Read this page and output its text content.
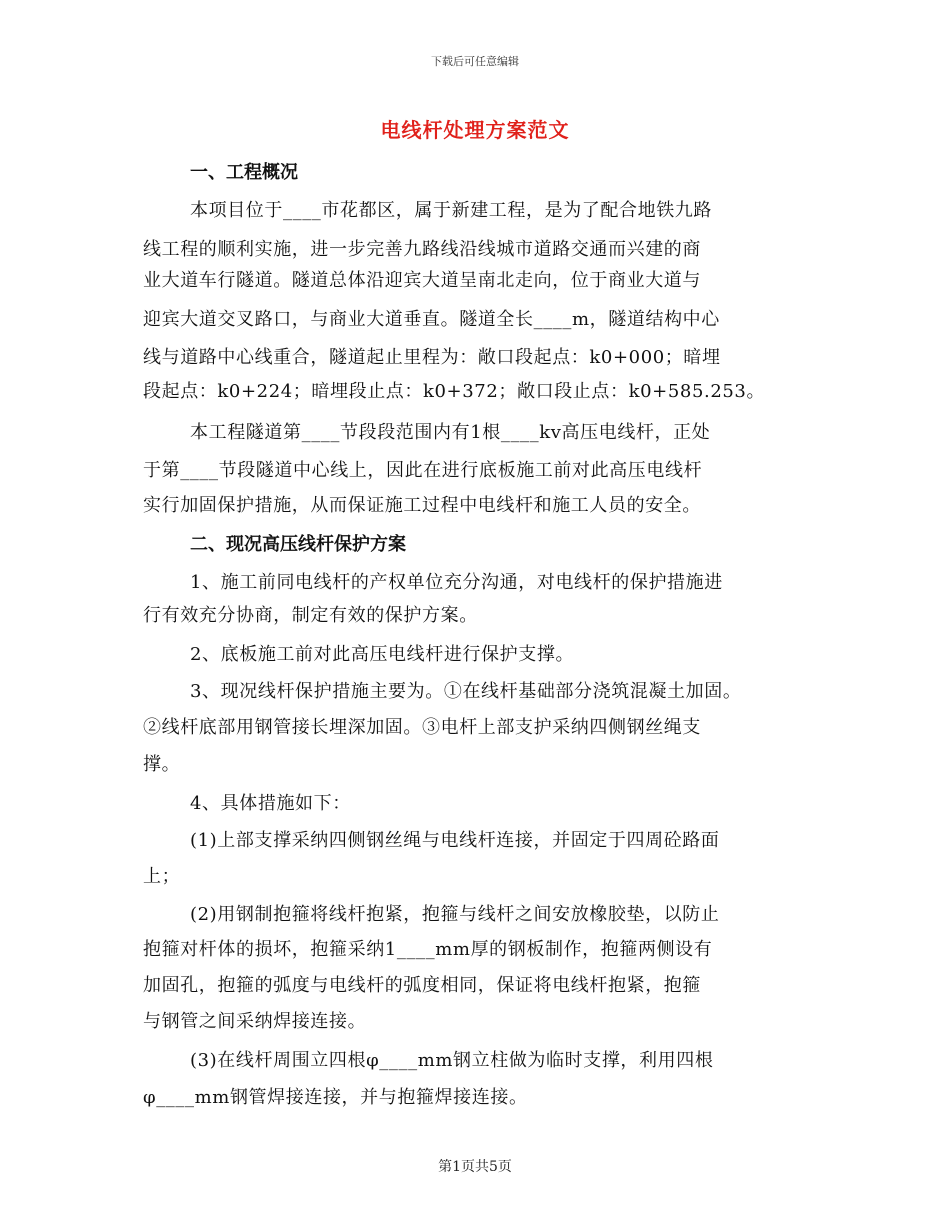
下载后可任意编辑
电线杆处理方案范文
一、工程概况
本项目位于____市花都区，属于新建工程，是为了配合地铁九路
线工程的顺利实施，进一步完善九路线沿线城市道路交通而兴建的商
业大道车行隧道。隧道总体沿迎宾大道呈南北走向，位于商业大道与
迎宾大道交叉路口，与商业大道垂直。隧道全长____m，隧道结构中心
线与道路中心线重合，隧道起止里程为：敞口段起点：k0+000；暗埋
段起点：k0+224；暗埋段止点：k0+372；敞口段止点：k0+585.253。
本工程隧道第____节段段范围内有1根____kv高压电线杆，正处
于第____节段隧道中心线上，因此在进行底板施工前对此高压电线杆
实行加固保护措施，从而保证施工过程中电线杆和施工人员的安全。
二、现况高压线杆保护方案
1、施工前同电线杆的产权单位充分沟通，对电线杆的保护措施进
行有效充分协商，制定有效的保护方案。
2、底板施工前对此高压电线杆进行保护支撑。
3、现况线杆保护措施主要为。①在线杆基础部分浇筑混凝土加固。
②线杆底部用钢管接长埋深加固。③电杆上部支护采纳四侧钢丝绳支
撑。
4、具体措施如下：
(1)上部支撑采纳四侧钢丝绳与电线杆连接，并固定于四周砼路面
上；
(2)用钢制抱箍将线杆抱紧，抱箍与线杆之间安放橡胶垫，以防止
抱箍对杆体的损坏，抱箍采纳1____mm厚的钢板制作，抱箍两侧设有
加固孔，抱箍的弧度与电线杆的弧度相同，保证将电线杆抱紧，抱箍
与钢管之间采纳焊接连接。
(3)在线杆周围立四根φ____mm钢立柱做为临时支撑，利用四根
φ____mm钢管焊接连接，并与抱箍焊接连接。
第1页共5页
